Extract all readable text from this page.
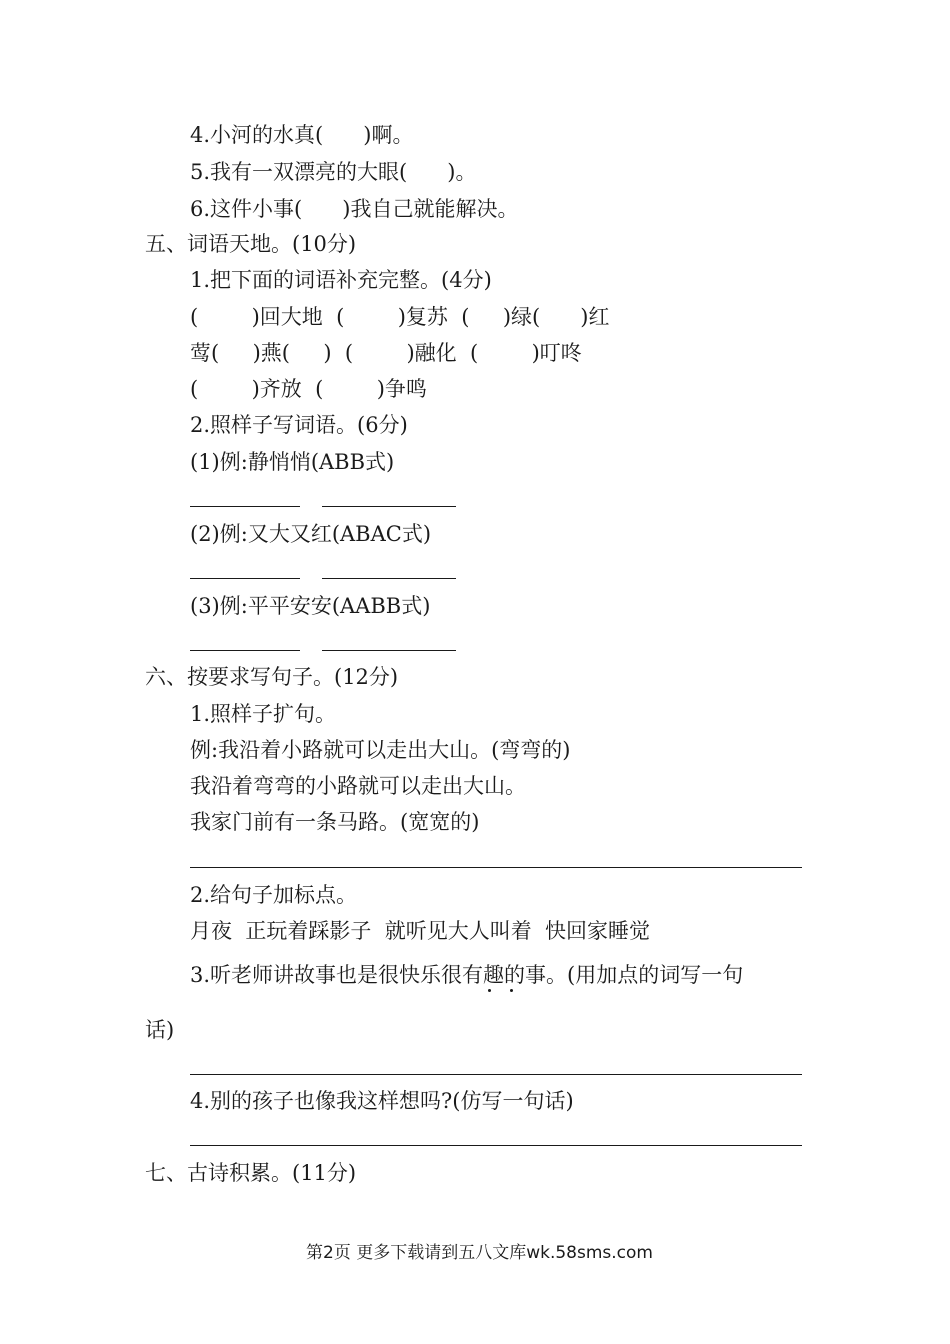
4.小河的水真(      )啊。
5.我有一双漂亮的大眼(      )。
6.这件小事(      )我自己就能解决。
五、词语天地。(10分)
1.把下面的词语补充完整。(4分)
(        )回大地  (        )复苏  (     )绿(      )红
莺(     )燕(     )  (        )融化  (        )叮咚
(        )齐放  (        )争鸣
2.照样子写词语。(6分)
(1)例:静悄悄(ABB式)
(2)例:又大又红(ABAC式)
(3)例:平平安安(AABB式)
六、按要求写句子。(12分)
1.照样子扩句。
例:我沿着小路就可以走出大山。(弯弯的)
我沿着弯弯的小路就可以走出大山。
我家门前有一条马路。(宽宽的)
2.给句子加标点。
月夜  正玩着踩影子  就听见大人叫着  快回家睡觉
3.听老师讲故事也是很快乐很有趣的事。(用加点的词写一句
话)
4.别的孩子也像我这样想吗?(仿写一句话)
七、古诗积累。(11分)
第2页 更多下载请到五八文库wk.58sms.com
